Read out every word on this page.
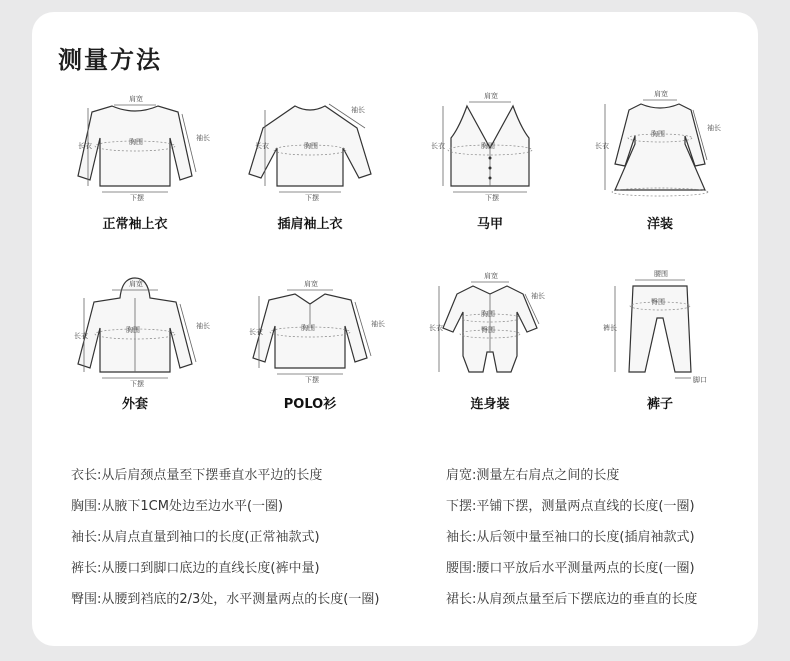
测量方法
肩宽
胸围
长衣
袖长
下摆
正常袖上衣
胸围
长衣
袖长
下摆
插肩袖上衣
肩宽
胸围
长衣
下摆
马甲
肩宽
胸围
长衣
袖长
洋装
肩宽
胸围
长衣
袖长
下摆
外套
肩宽
胸围
长衣
袖长
下摆
POLO衫
肩宽
胸围
臀围
长衣
袖长
连身装
腰围
臀围
裤长
脚口
裤子
衣长:从后肩颈点量至下摆垂直水平边的长度
胸围:从腋下1CM处边至边水平(一圈)
袖长:从肩点直量到袖口的长度(正常袖款式)
裤长:从腰口到脚口底边的直线长度(裤中量)
臀围:从腰到裆底的2/3处，水平测量两点的长度(一圈)
肩宽:测量左右肩点之间的长度
下摆:平铺下摆，测量两点直线的长度(一圈)
袖长:从后领中量至袖口的长度(插肩袖款式)
腰围:腰口平放后水平测量两点的长度(一圈)
裙长:从肩颈点量至后下摆底边的垂直的长度
